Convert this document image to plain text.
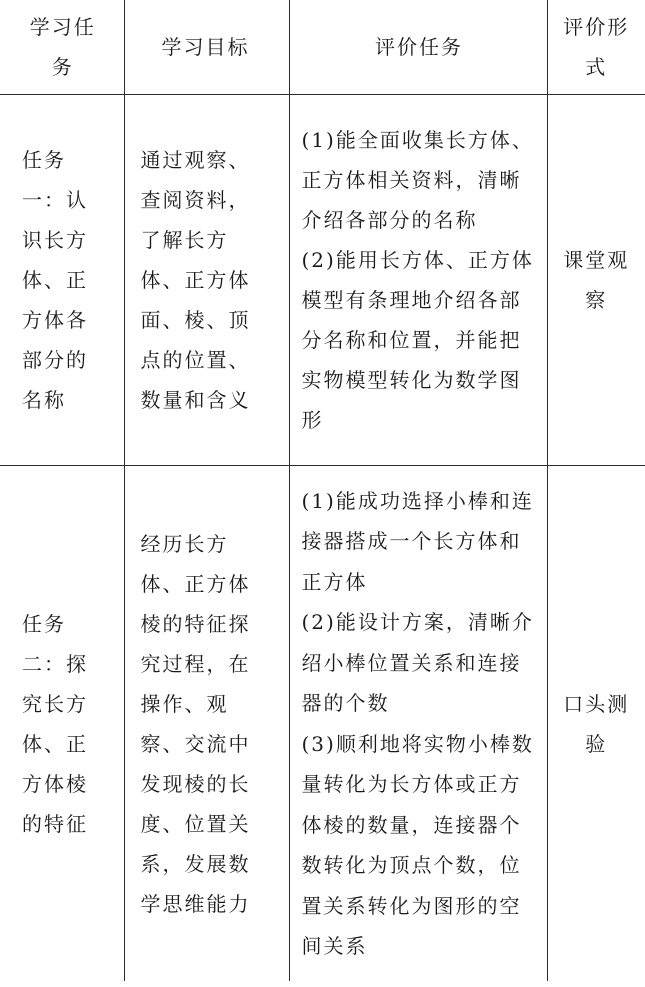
学习任务	学习目标	评价任务	评价形式

任务一：认识长方体、正方体各部分的名称	通过观察、查阅资料，了解长方体、正方体面、棱、顶点的位置、数量和含义	(1)能全面收集长方体、正方体相关资料，清晰介绍各部分的名称
(2)能用长方体、正方体模型有条理地介绍各部分名称和位置，并能把实物模型转化为数学图形	课堂观察

任务二：探究长方体、正方体棱的特征	经历长方体、正方体棱的特征探究过程，在操作、观察、交流中发现棱的长度、位置关系，发展数学思维能力	(1)能成功选择小棒和连接器搭成一个长方体和正方体
(2)能设计方案，清晰介绍小棒位置关系和连接器的个数
(3)顺利地将实物小棒数量转化为长方体或正方体棱的数量，连接器个数转化为顶点个数，位置关系转化为图形的空间关系	口头测验
